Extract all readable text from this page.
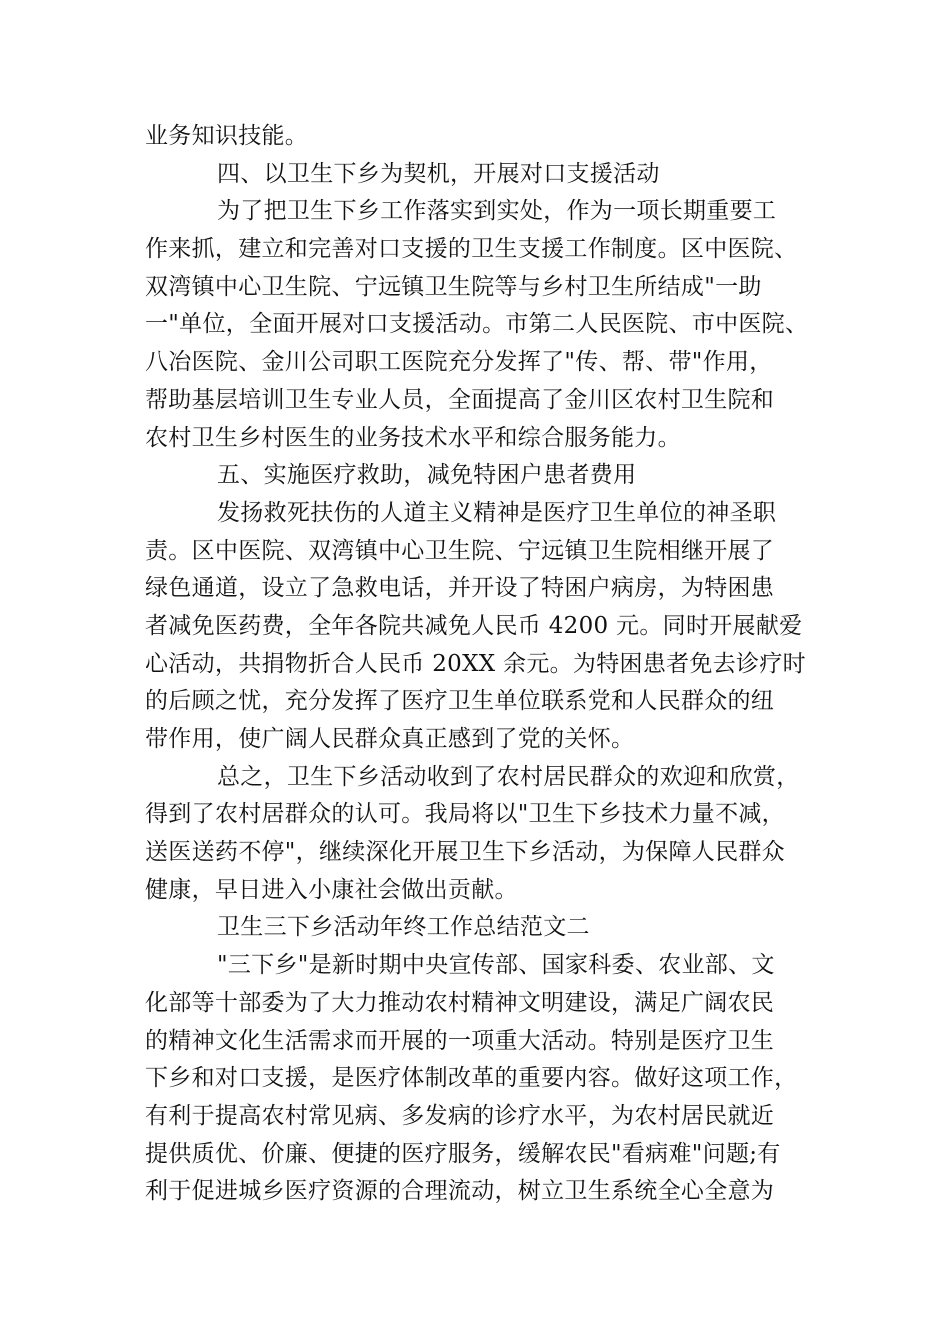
业务知识技能。
四、以卫生下乡为契机，开展对口支援活动
为了把卫生下乡工作落实到实处，作为一项长期重要工
作来抓，建立和完善对口支援的卫生支援工作制度。区中医院、
双湾镇中心卫生院、宁远镇卫生院等与乡村卫生所结成"一助
一"单位，全面开展对口支援活动。市第二人民医院、市中医院、
八冶医院、金川公司职工医院充分发挥了"传、帮、带"作用，
帮助基层培训卫生专业人员，全面提高了金川区农村卫生院和
农村卫生乡村医生的业务技术水平和综合服务能力。
五、实施医疗救助，减免特困户患者费用
发扬救死扶伤的人道主义精神是医疗卫生单位的神圣职
责。区中医院、双湾镇中心卫生院、宁远镇卫生院相继开展了
绿色通道，设立了急救电话，并开设了特困户病房，为特困患
者减免医药费，全年各院共减免人民币 4200 元。同时开展献爱
心活动，共捐物折合人民币 20XX 余元。为特困患者免去诊疗时
的后顾之忧，充分发挥了医疗卫生单位联系党和人民群众的纽
带作用，使广阔人民群众真正感到了党的关怀。
总之，卫生下乡活动收到了农村居民群众的欢迎和欣赏，
得到了农村居群众的认可。我局将以"卫生下乡技术力量不减，
送医送药不停"，继续深化开展卫生下乡活动，为保障人民群众
健康，早日进入小康社会做出贡献。
卫生三下乡活动年终工作总结范文二
"三下乡"是新时期中央宣传部、国家科委、农业部、文
化部等十部委为了大力推动农村精神文明建设，满足广阔农民
的精神文化生活需求而开展的一项重大活动。特别是医疗卫生
下乡和对口支援，是医疗体制改革的重要内容。做好这项工作，
有利于提高农村常见病、多发病的诊疗水平，为农村居民就近
提供质优、价廉、便捷的医疗服务，缓解农民"看病难"问题;有
利于促进城乡医疗资源的合理流动，树立卫生系统全心全意为
